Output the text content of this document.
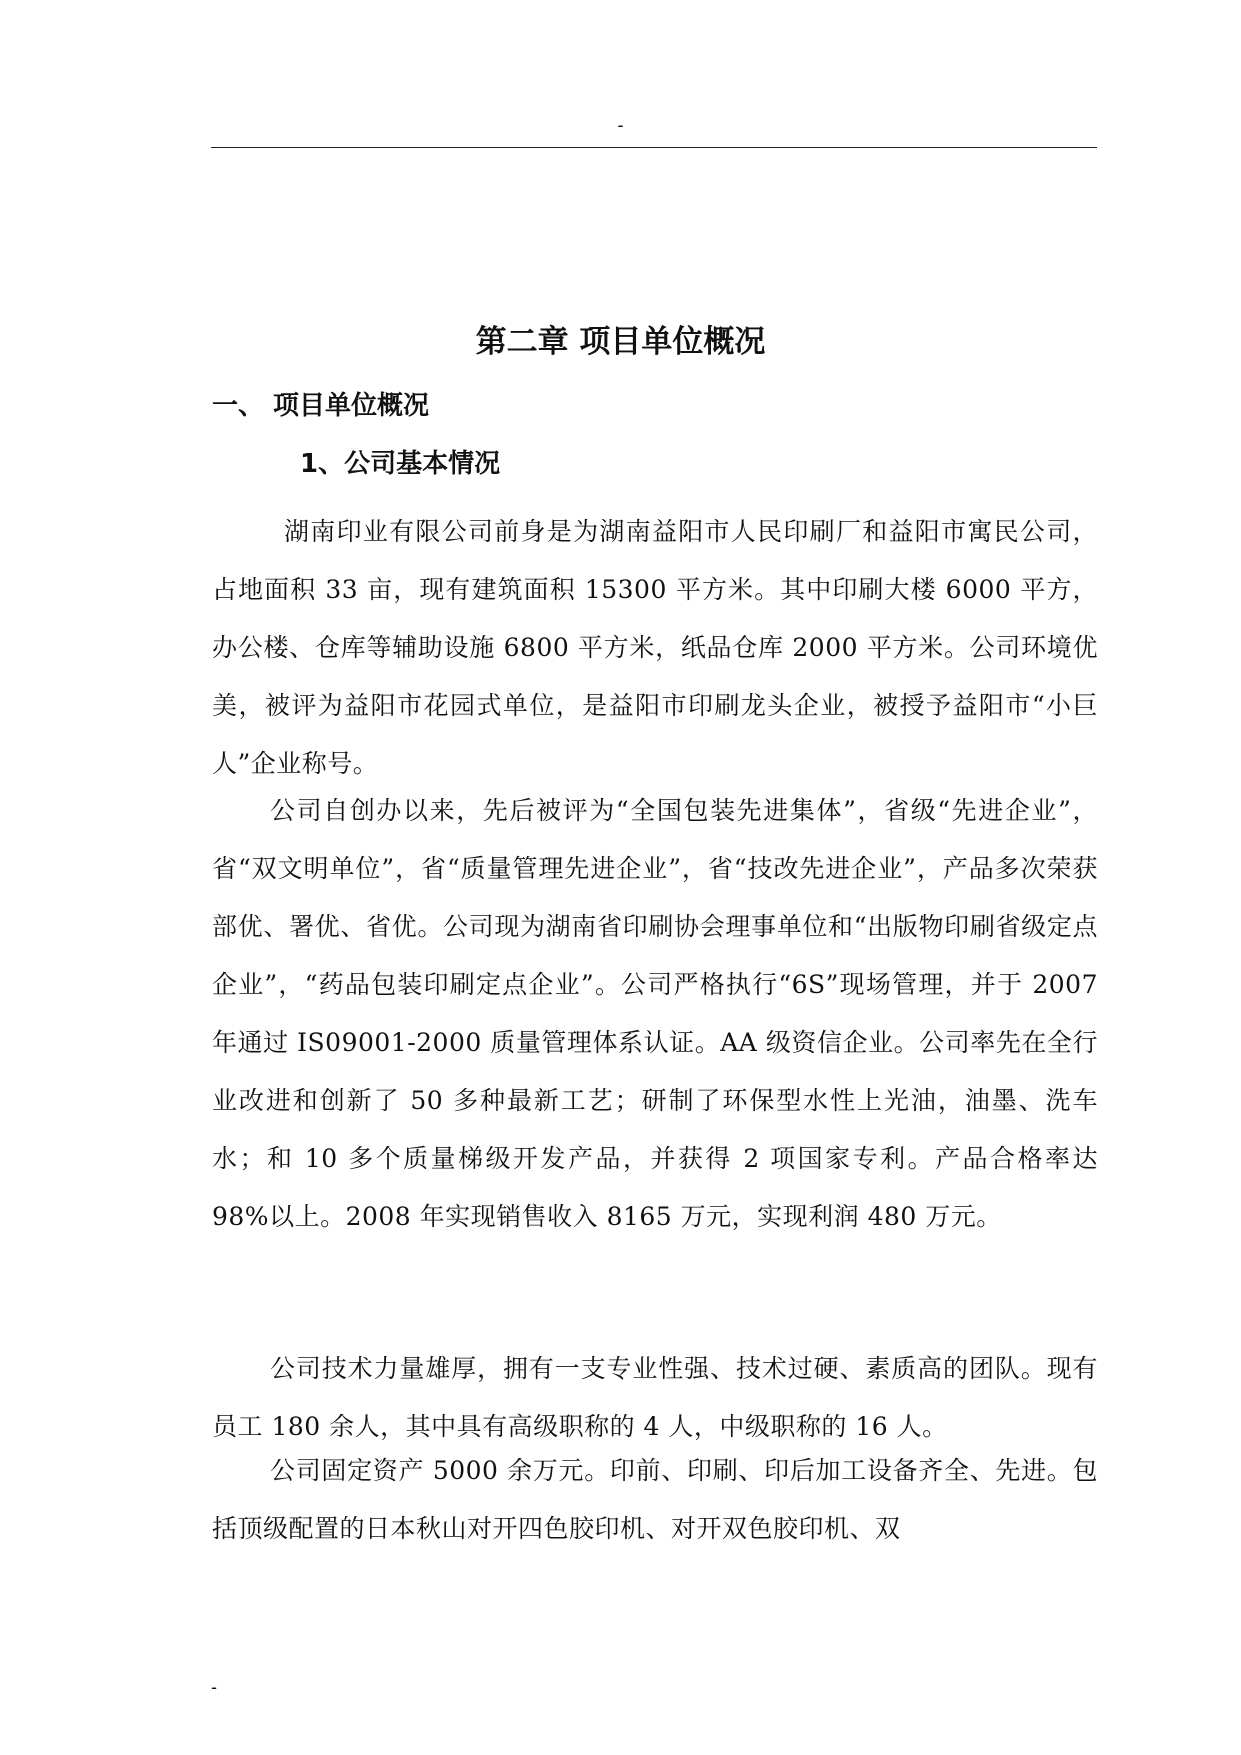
-
第二章 项目单位概况
一、 项目单位概况
1、公司基本情况
湖南印业有限公司前身是为湖南益阳市人民印刷厂和益阳市寓民公司，占地面积 33 亩，现有建筑面积 15300 平方米。其中印刷大楼 6000 平方，办公楼、仓库等辅助设施 6800 平方米，纸品仓库 2000 平方米。公司环境优美，被评为益阳市花园式单位，是益阳市印刷龙头企业，被授予益阳市“小巨人”企业称号。
公司自创办以来，先后被评为“全国包装先进集体”，省级“先进企业”，省“双文明单位”，省“质量管理先进企业”，省“技改先进企业”，产品多次荣获部优、署优、省优。公司现为湖南省印刷协会理事单位和“出版物印刷省级定点企业”，“药品包装印刷定点企业”。公司严格执行“6S”现场管理，并于 2007 年通过 IS09001-2000 质量管理体系认证。AA 级资信企业。公司率先在全行业改进和创新了 50 多种最新工艺；研制了环保型水性上光油，油墨、洗车水；和 10 多个质量梯级开发产品，并获得 2 项国家专利。产品合格率达 98%以上。2008 年实现销售收入 8165 万元，实现利润 480 万元。
公司技术力量雄厚，拥有一支专业性强、技术过硬、素质高的团队。现有员工 180 余人，其中具有高级职称的 4 人，中级职称的 16 人。
公司固定资产 5000 余万元。印前、印刷、印后加工设备齐全、先进。包括顶级配置的日本秋山对开四色胶印机、对开双色胶印机、双
-
